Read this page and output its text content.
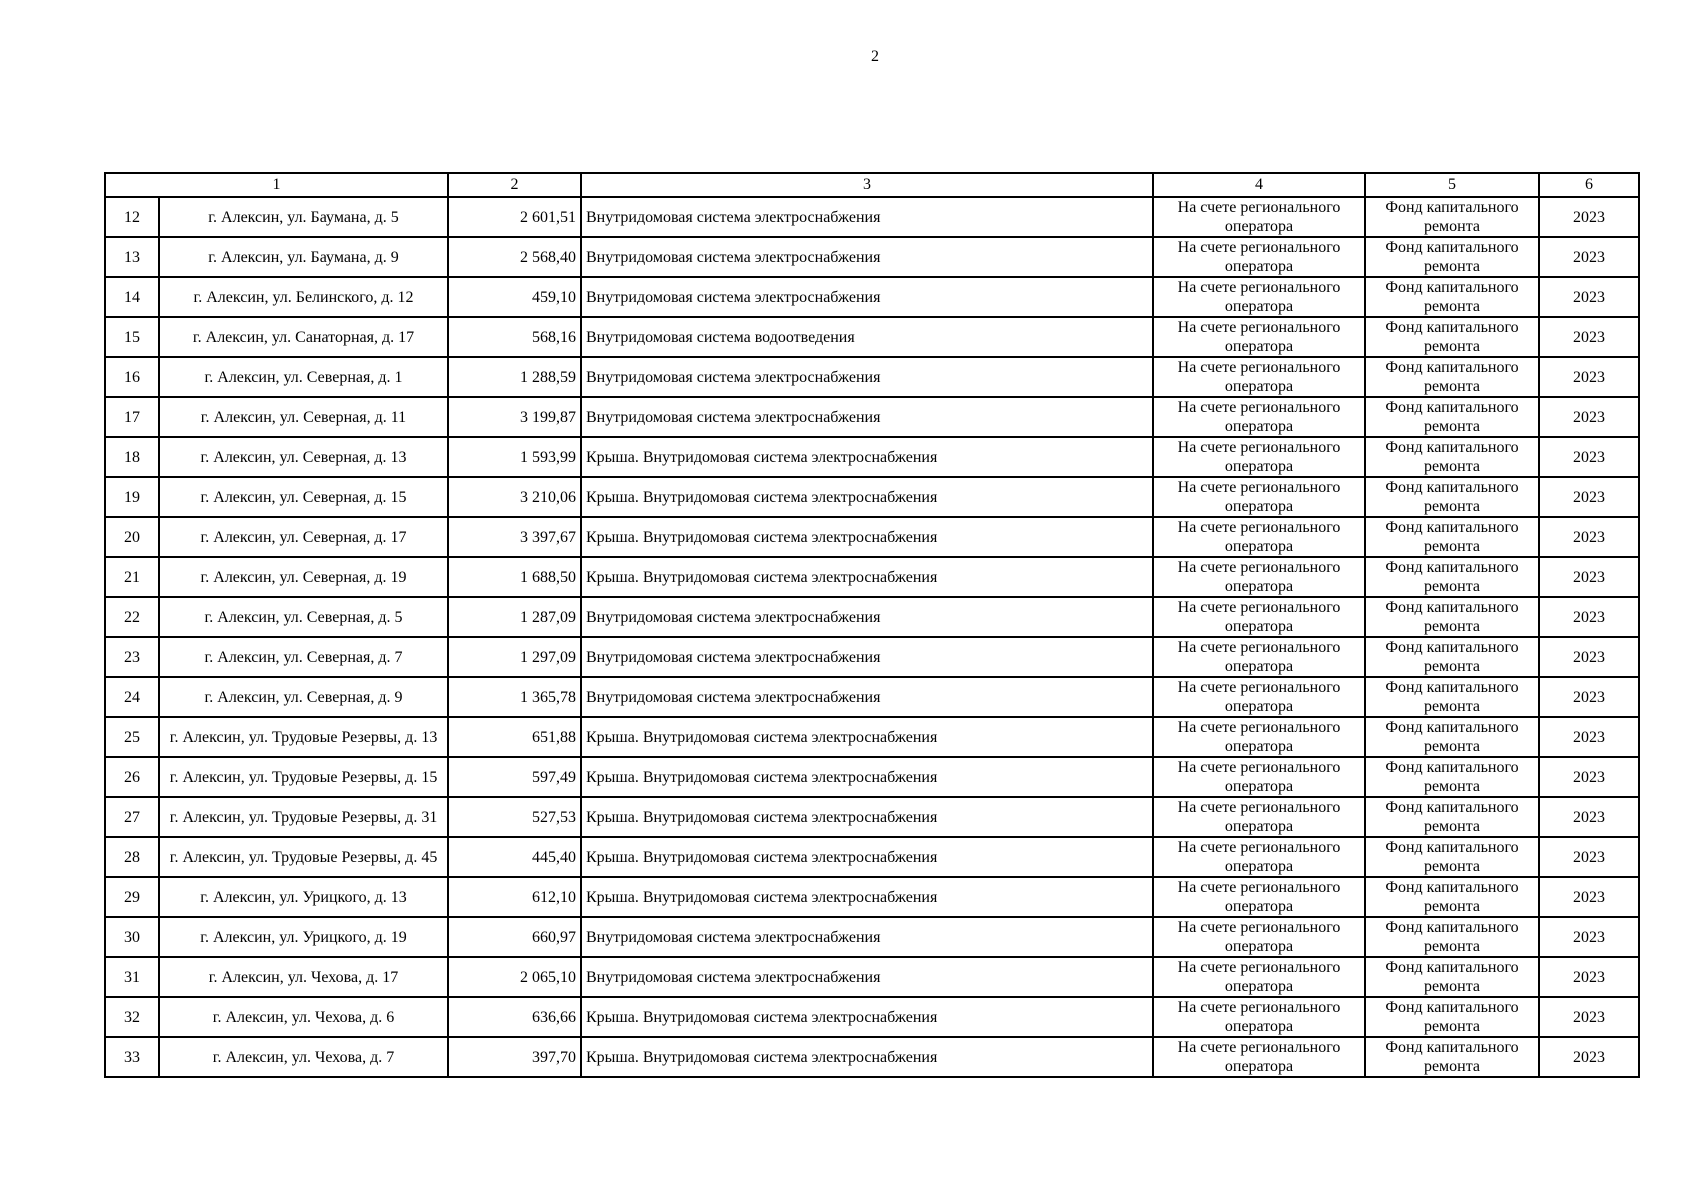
2
1		2	3	4	5	6
12	г. Алексин, ул. Баумана, д. 5	2 601,51	Внутридомовая система электроснабжения	На счете регионального оператора	Фонд капитального ремонта	2023
13	г. Алексин, ул. Баумана, д. 9	2 568,40	Внутридомовая система электроснабжения	На счете регионального оператора	Фонд капитального ремонта	2023
14	г. Алексин, ул. Белинского, д. 12	459,10	Внутридомовая система электроснабжения	На счете регионального оператора	Фонд капитального ремонта	2023
15	г. Алексин, ул. Санаторная, д. 17	568,16	Внутридомовая система водоотведения	На счете регионального оператора	Фонд капитального ремонта	2023
16	г. Алексин, ул. Северная, д. 1	1 288,59	Внутридомовая система электроснабжения	На счете регионального оператора	Фонд капитального ремонта	2023
17	г. Алексин, ул. Северная, д. 11	3 199,87	Внутридомовая система электроснабжения	На счете регионального оператора	Фонд капитального ремонта	2023
18	г. Алексин, ул. Северная, д. 13	1 593,99	Крыша. Внутридомовая система электроснабжения	На счете регионального оператора	Фонд капитального ремонта	2023
19	г. Алексин, ул. Северная, д. 15	3 210,06	Крыша. Внутридомовая система электроснабжения	На счете регионального оператора	Фонд капитального ремонта	2023
20	г. Алексин, ул. Северная, д. 17	3 397,67	Крыша. Внутридомовая система электроснабжения	На счете регионального оператора	Фонд капитального ремонта	2023
21	г. Алексин, ул. Северная, д. 19	1 688,50	Крыша. Внутридомовая система электроснабжения	На счете регионального оператора	Фонд капитального ремонта	2023
22	г. Алексин, ул. Северная, д. 5	1 287,09	Внутридомовая система электроснабжения	На счете регионального оператора	Фонд капитального ремонта	2023
23	г. Алексин, ул. Северная, д. 7	1 297,09	Внутридомовая система электроснабжения	На счете регионального оператора	Фонд капитального ремонта	2023
24	г. Алексин, ул. Северная, д. 9	1 365,78	Внутридомовая система электроснабжения	На счете регионального оператора	Фонд капитального ремонта	2023
25	г. Алексин, ул. Трудовые Резервы, д. 13	651,88	Крыша. Внутридомовая система электроснабжения	На счете регионального оператора	Фонд капитального ремонта	2023
26	г. Алексин, ул. Трудовые Резервы, д. 15	597,49	Крыша. Внутридомовая система электроснабжения	На счете регионального оператора	Фонд капитального ремонта	2023
27	г. Алексин, ул. Трудовые Резервы, д. 31	527,53	Крыша. Внутридомовая система электроснабжения	На счете регионального оператора	Фонд капитального ремонта	2023
28	г. Алексин, ул. Трудовые Резервы, д. 45	445,40	Крыша. Внутридомовая система электроснабжения	На счете регионального оператора	Фонд капитального ремонта	2023
29	г. Алексин, ул. Урицкого, д. 13	612,10	Крыша. Внутридомовая система электроснабжения	На счете регионального оператора	Фонд капитального ремонта	2023
30	г. Алексин, ул. Урицкого, д. 19	660,97	Внутридомовая система электроснабжения	На счете регионального оператора	Фонд капитального ремонта	2023
31	г. Алексин, ул. Чехова, д. 17	2 065,10	Внутридомовая система электроснабжения	На счете регионального оператора	Фонд капитального ремонта	2023
32	г. Алексин, ул. Чехова, д. 6	636,66	Крыша. Внутридомовая система электроснабжения	На счете регионального оператора	Фонд капитального ремонта	2023
33	г. Алексин, ул. Чехова, д. 7	397,70	Крыша. Внутридомовая система электроснабжения	На счете регионального оператора	Фонд капитального ремонта	2023
